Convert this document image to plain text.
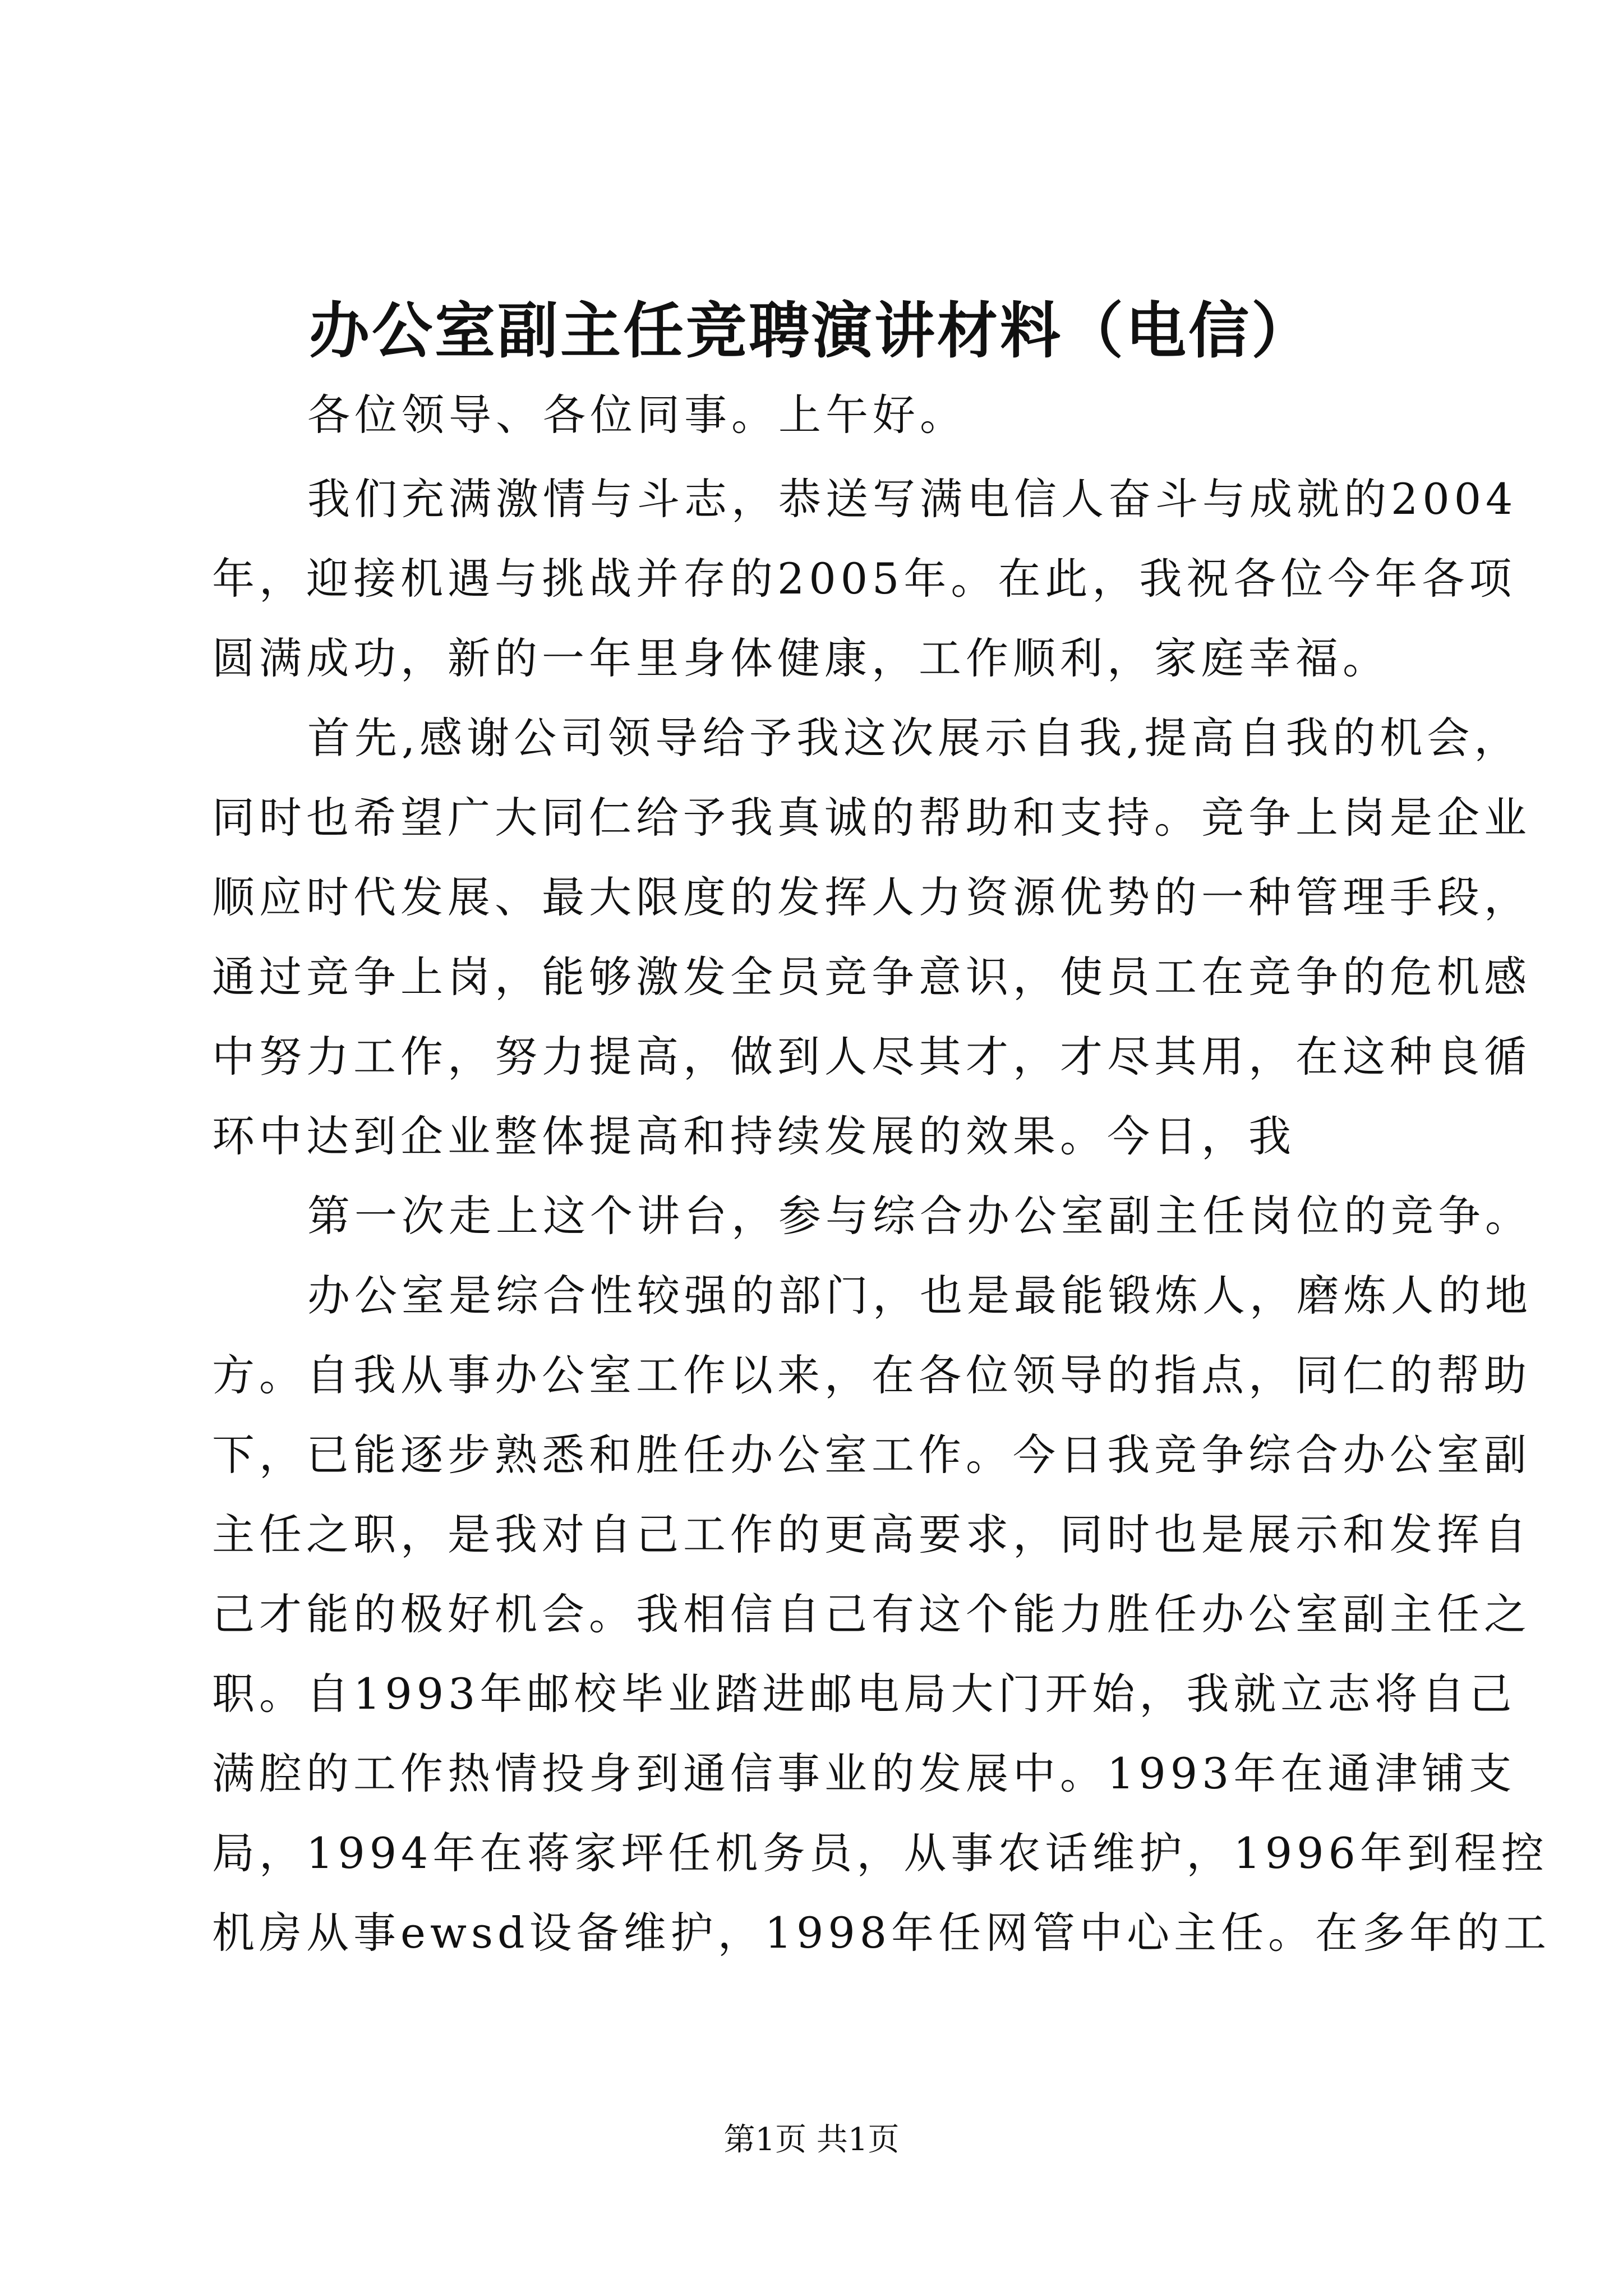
办公室副主任竞聘演讲材料（电信）
各位领导、各位同事。上午好。
我们充满激情与斗志，恭送写满电信人奋斗与成就的2004
年，迎接机遇与挑战并存的2005年。在此，我祝各位今年各项
圆满成功，新的一年里身体健康，工作顺利，家庭幸福。
首先,感谢公司领导给予我这次展示自我,提高自我的机会，
同时也希望广大同仁给予我真诚的帮助和支持。竞争上岗是企业
顺应时代发展、最大限度的发挥人力资源优势的一种管理手段，
通过竞争上岗，能够激发全员竞争意识，使员工在竞争的危机感
中努力工作，努力提高，做到人尽其才，才尽其用，在这种良循
环中达到企业整体提高和持续发展的效果。今日，我
第一次走上这个讲台，参与综合办公室副主任岗位的竞争。
办公室是综合性较强的部门，也是最能锻炼人，磨炼人的地
方。自我从事办公室工作以来，在各位领导的指点，同仁的帮助
下，已能逐步熟悉和胜任办公室工作。今日我竞争综合办公室副
主任之职，是我对自己工作的更高要求，同时也是展示和发挥自
己才能的极好机会。我相信自己有这个能力胜任办公室副主任之
职。自1993年邮校毕业踏进邮电局大门开始，我就立志将自己
满腔的工作热情投身到通信事业的发展中。1993年在通津铺支
局，1994年在蒋家坪任机务员，从事农话维护，1996年到程控
机房从事ewsd设备维护，1998年任网管中心主任。在多年的工
第1页 共1页
